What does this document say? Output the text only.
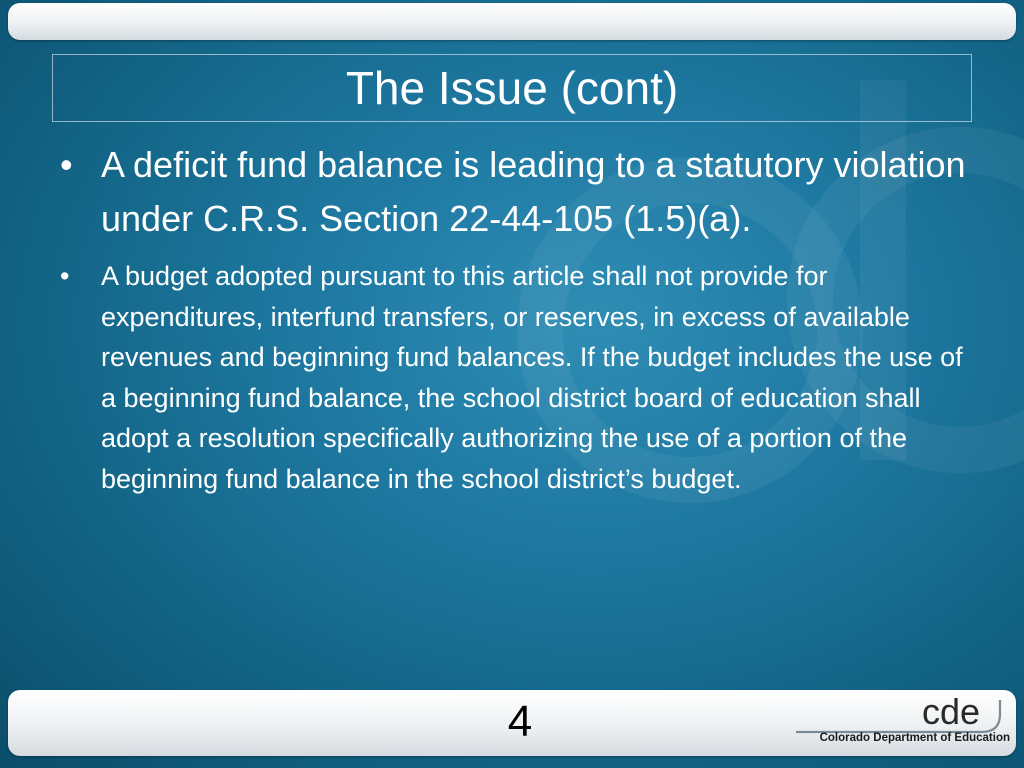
The Issue (cont)
• A deficit fund balance is leading to a statutory violation under C.R.S. Section 22-44-105 (1.5)(a).
• A budget adopted pursuant to this article shall not provide for expenditures, interfund transfers, or reserves, in excess of available revenues and beginning fund balances. If the budget includes the use of a beginning fund balance, the school district board of education shall adopt a resolution specifically authorizing the use of a portion of the beginning fund balance in the school district’s budget.
4	cde
Colorado Department of Education
